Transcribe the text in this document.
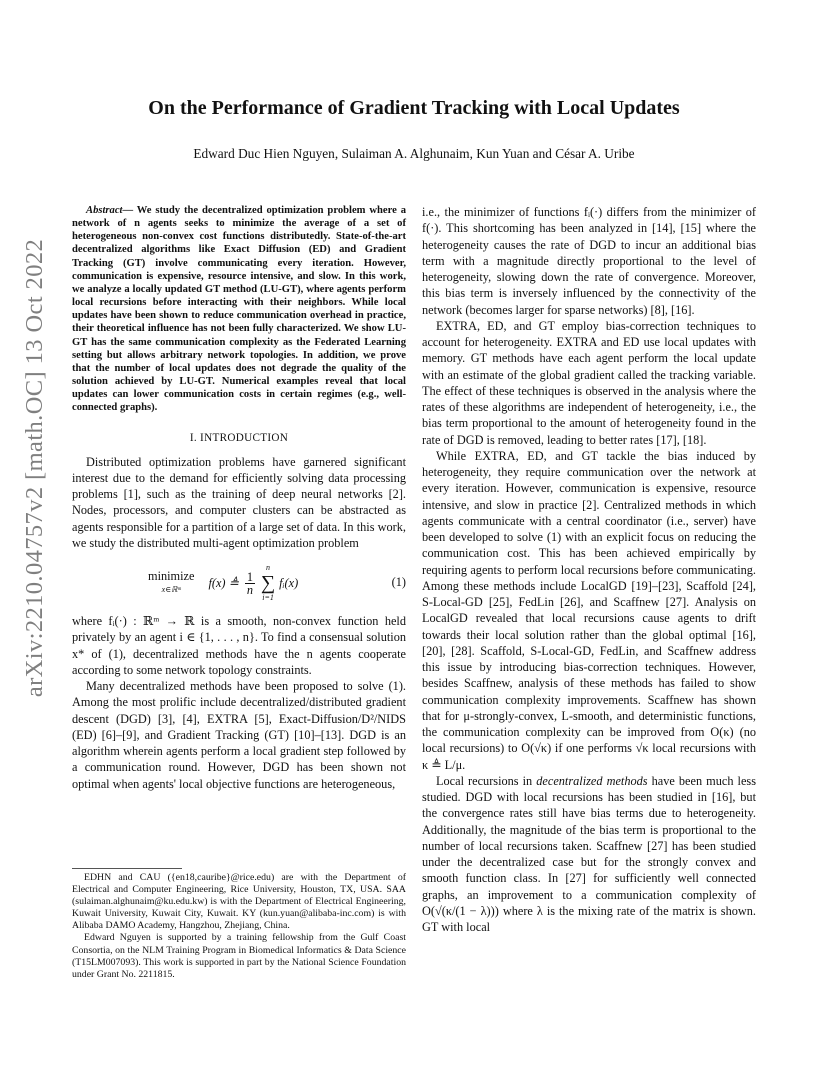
arXiv:2210.04757v2 [math.OC] 13 Oct 2022
On the Performance of Gradient Tracking with Local Updates

Edward Duc Hien Nguyen, Sulaiman A. Alghunaim, Kun Yuan and César A. Uribe

Abstract— We study the decentralized optimization problem where a network of n agents seeks to minimize the average of a set of heterogeneous non-convex cost functions distributedly. State-of-the-art decentralized algorithms like Exact Diffusion (ED) and Gradient Tracking (GT) involve communicating every iteration. However, communication is expensive, resource intensive, and slow. In this work, we analyze a locally updated GT method (LU-GT), where agents perform local recursions before interacting with their neighbors. While local updates have been shown to reduce communication overhead in practice, their theoretical influence has not been fully characterized. We show LU-GT has the same communication complexity as the Federated Learning setting but allows arbitrary network topologies. In addition, we prove that the number of local updates does not degrade the quality of the solution achieved by LU-GT. Numerical examples reveal that local updates can lower communication costs in certain regimes (e.g., well-connected graphs).

I. INTRODUCTION

Distributed optimization problems have garnered significant interest due to the demand for efficiently solving data processing problems [1], such as the training of deep neural networks [2]. Nodes, processors, and computer clusters can be abstracted as agents responsible for a partition of a large set of data. In this work, we study the distributed multi-agent optimization problem

minimize
x∈ℝᵐ f(x) ≜ $\frac{1}{n}$
n
∑
i=1
fᵢ(x)	(1)

where fᵢ(·) : ℝᵐ → ℝ is a smooth, non-convex function held privately by an agent i ∈ {1, . . . , n}. To find a consensual solution x* of (1), decentralized methods have the n agents cooperate according to some network topology constraints.

Many decentralized methods have been proposed to solve (1). Among the most prolific include decentralized/distributed gradient descent (DGD) [3], [4], EXTRA [5], Exact-Diffusion/D²/NIDS (ED) [6]–[9], and Gradient Tracking (GT) [10]–[13]. DGD is an algorithm wherein agents perform a local gradient step followed by a communication round. However, DGD has been shown not optimal when agents' local objective functions are heterogeneous,

EDHN and CAU ({en18,cauribe}@rice.edu) are with the Department of Electrical and Computer Engineering, Rice University, Houston, TX, USA. SAA (sulaiman.alghunaim@ku.edu.kw) is with the Department of Electrical Engineering, Kuwait University, Kuwait City, Kuwait. KY (kun.yuan@alibaba-inc.com) is with Alibaba DAMO Academy, Hangzhou, Zhejiang, China.

Edward Nguyen is supported by a training fellowship from the Gulf Coast Consortia, on the NLM Training Program in Biomedical Informatics & Data Science (T15LM007093). This work is supported in part by the National Science Foundation under Grant No. 2211815.

i.e., the minimizer of functions fᵢ(·) differs from the minimizer of f(·). This shortcoming has been analyzed in [14], [15] where the heterogeneity causes the rate of DGD to incur an additional bias term with a magnitude directly proportional to the level of heterogeneity, slowing down the rate of convergence. Moreover, this bias term is inversely influenced by the connectivity of the network (becomes larger for sparse networks) [8], [16].

EXTRA, ED, and GT employ bias-correction techniques to account for heterogeneity. EXTRA and ED use local updates with memory. GT methods have each agent perform the local update with an estimate of the global gradient called the tracking variable. The effect of these techniques is observed in the analysis where the rates of these algorithms are independent of heterogeneity, i.e., the bias term proportional to the amount of heterogeneity found in the rate of DGD is removed, leading to better rates [17], [18].

While EXTRA, ED, and GT tackle the bias induced by heterogeneity, they require communication over the network at every iteration. However, communication is expensive, resource intensive, and slow in practice [2]. Centralized methods in which agents communicate with a central coordinator (i.e., server) have been developed to solve (1) with an explicit focus on reducing the communication cost. This has been achieved empirically by requiring agents to perform local recursions before communicating. Among these methods include LocalGD [19]–[23], Scaffold [24], S-Local-GD [25], FedLin [26], and Scaffnew [27]. Analysis on LocalGD revealed that local recursions cause agents to drift towards their local solution rather than the global optimal [16], [20], [28]. Scaffold, S-Local-GD, FedLin, and Scaffnew address this issue by introducing bias-correction techniques. However, besides Scaffnew, analysis of these methods has failed to show communication complexity improvements. Scaffnew has shown that for μ-strongly-convex, L-smooth, and deterministic functions, the communication complexity can be improved from O(κ) (no local recursions) to O(√κ) if one performs √κ local recursions with κ ≜ L/μ.

Local recursions in decentralized methods have been much less studied. DGD with local recursions has been studied in [16], but the convergence rates still have bias terms due to heterogeneity. Additionally, the magnitude of the bias term is proportional to the number of local recursions taken. Scaffnew [27] has been studied under the decentralized case but for the strongly convex and smooth function class. In [27] for sufficiently well connected graphs, an improvement to a communication complexity of O(√(κ/(1 − λ))) where λ is the mixing rate of the matrix is shown. GT with local
